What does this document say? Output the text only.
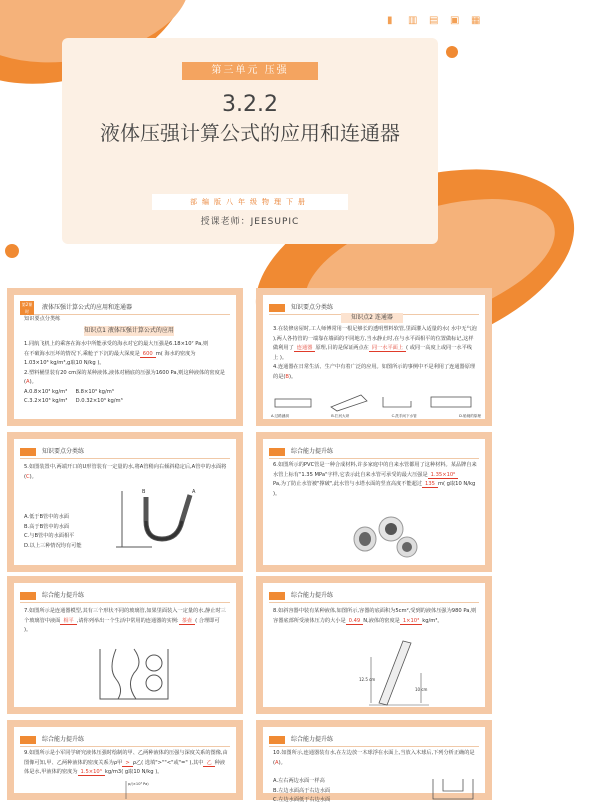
▮	▥ ▤ ▣ ▦
第三单元 压强
3.2.2
液体压强计算公式的应用和连通器
部编版八年级物理下册
授课老师：JEESUPIC
第2课时
液体压强计算公式的应用和连通器
知识要点分类练
知识点1 液体压强计算公式的应用
1.同航飞机上的乘客在海水中所能承受的海水对它的最大压强是6.18×10⁷ Pa,则
在不破海水压坏的情况下,乘舱子下沉的最大深度是 600 m( 海水的密度为
1.03×10³ kg/m³,g取10 N/kg )。
2.塑料桶里装有20 cm深的某种液体,液体对桶底的压强为1600 Pa,则这种液体的密度是(A)。
A.0.8×10³ kg/m³ B.8×10³ kg/m³
C.3.2×10³ kg/m³ D.0.32×10³ kg/m³
知识要点分类练
知识点2 连通器
3.在装修房屋时,工人师傅常用一根足够长的透明塑料软管,里面灌入适量的水( 水中无气泡 ),两人各持管的一端靠在墙面的不同地方,当水静止时,在与水平面相平的位置做标记,这样做利用了 连通器 原理,目的是保证两点在 同一水平面上 ( 或同一高度上或同一水平线上 )。
4.连通器在日常生活、生产中有着广泛的应用。如图所示的事例中不是利用了连通器原理的是(B)。
A.过路涵洞	B.拦河大坝	C.洗手间下水管	D.船闸的原理
知识要点分类练
5.如图装置中,两端开口的U形管装有一定量的水,将A管稍向右倾斜稳定后,A管中的水面将(C)。
B	A
A.低于B管中的水面
B.高于B管中的水面
C.与B管中的水面相平
D.以上三种情况均有可能
综合能力提升练
6.如图所示的PVC管是一种合成材料,许多家庭中的自来水管都用了这种材料。某品牌自来水管上标有"1.35 MPa"字样,它表示此自来水管可承受的最大压强是 1.35×10⁶
Pa,为了防止水管被"撑破",此水管与水塔水面的竖直高度不能超过 135 m( g取10 N/kg )。
综合能力提升练
7.如图所示是连通器模型,其有三个形状不同的玻璃管,如果里面装入一定量的水,静止时三个玻璃管中液面 相平 ,请你列举出一个生活中常用的连通器的实例: 茶壶 ( 合理即可 )。
综合能力提升练
8.如斜容器中装有某种液体,如图所示,容器的底面积为5cm²,受到的液体压强为980 Pa,则容器底部所受液体压力的大小是 0.49 N,液体的密度是 1×10³ kg/m³。
12.5 cm
10 cm
综合能力提升练
9.如图所示是小军同学研究液体压强时绘制的甲、乙两种液体的压强与深度关系的图像,由图像可知,甲、乙两种液体的密度关系为ρ甲 > ρ乙( 选填">""<"或"=" ),其中 乙 种液体是水,甲液体的密度为 1.5×10³ kg/m3( g取10 N/kg )。
p/(×10³ Pa)
综合能力提升练
10.如图所示,连通器装有水,在左边放一木球浮在水面上,当放入木球后,下列分析正确的是(A)。
A.左右两边水面一样高
B.左边水面高于右边水面
C.左边水面低于右边水面
